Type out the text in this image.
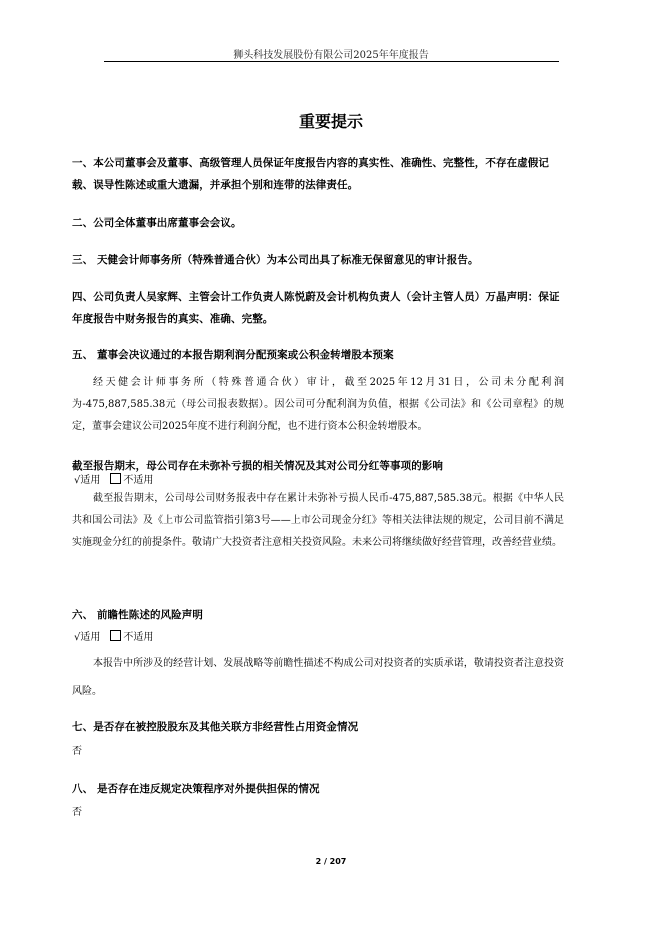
狮头科技发展股份有限公司2025年年度报告
重要提示
一、本公司董事会及董事、高级管理人员保证年度报告内容的真实性、准确性、完整性，不存在虚假记载、误导性陈述或重大遗漏，并承担个别和连带的法律责任。
二、公司全体董事出席董事会会议。
三、 天健会计师事务所（特殊普通合伙）为本公司出具了标准无保留意见的审计报告。
四、公司负责人吴家辉、主管会计工作负责人陈悦蔚及会计机构负责人（会计主管人员）万晶声明：保证年度报告中财务报告的真实、准确、完整。
五、 董事会决议通过的本报告期利润分配预案或公积金转增股本预案
经天健会计师事务所（特殊普通合伙）审计，截至2025年12月31日，公司未分配利润为-475,887,585.38元（母公司报表数据）。因公司可分配利润为负值，根据《公司法》和《公司章程》的规定，董事会建议公司2025年度不进行利润分配，也不进行资本公积金转增股本。
截至报告期末，母公司存在未弥补亏损的相关情况及其对公司分红等事项的影响
√适用 不适用
截至报告期末，公司母公司财务报表中存在累计未弥补亏损人民币-475,887,585.38元。根据《中华人民共和国公司法》及《上市公司监管指引第3号——上市公司现金分红》等相关法律法规的规定，公司目前不满足实施现金分红的前提条件。敬请广大投资者注意相关投资风险。未来公司将继续做好经营管理，改善经营业绩。
六、 前瞻性陈述的风险声明
√适用 不适用
本报告中所涉及的经营计划、发展战略等前瞻性描述不构成公司对投资者的实质承诺，敬请投资者注意投资风险。
七、是否存在被控股股东及其他关联方非经营性占用资金情况
否
八、 是否存在违反规定决策程序对外提供担保的情况
否
2 / 207
